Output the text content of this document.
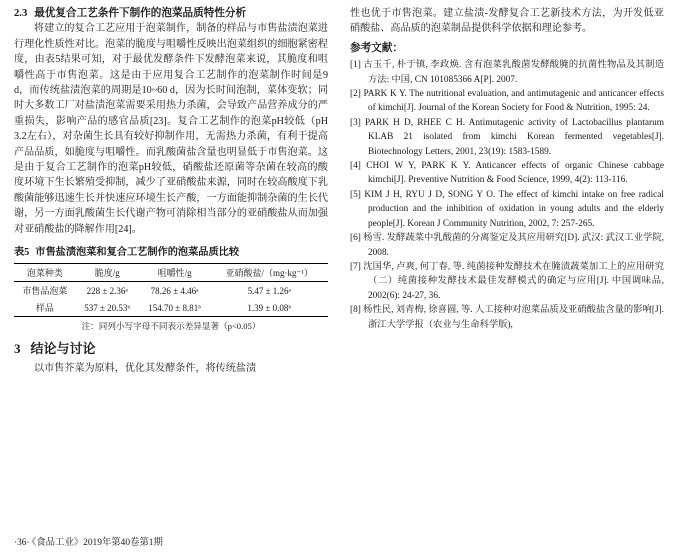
2.3 最优复合工艺条件下制作的泡菜品质特性分析

将建立的复合工艺应用于泡菜制作，制备的样品与市售盐渍泡菜进行理化性质性对比。泡菜的脆度与咀嚼性反映出泡菜组织的细胞紧密程度，由表5结果可知，对于最优发酵条件下发酵泡菜来说，其脆度和咀嚼性高于市售泡菜。这是由于应用复合工艺制作的泡菜制作时间是9 d，而传统盐渍泡菜的周期是10~60 d，因为长时间泡制，菜体变软；同时大多数工厂对盐渍泡菜需要采用热力杀菌，会导致产品营养成分的严重损失，影响产品的感官品质[23]。复合工艺制作的泡菜pH较低（pH 3.2左右），对杂菌生长具有较好抑制作用，无需热力杀菌，有利于提高产品品质，如脆度与咀嚼性。而乳酸菌盐含量也明显低于市售泡菜。这是由于复合工艺制作的泡菜pH较低，硝酸盐还原菌等杂菌在较高的酸度环境下生长繁殖受抑制，减少了亚硝酸盐来源，同时在较高酸度下乳酸菌能够迅速生长并快速应环境生长产酸，一方面能抑制杂菌的生长代谢，另一方面乳酸菌生长代谢产物可消除相当部分的亚硝酸盐从而加强对亚硝酸盐的降解作用[24]。

表5 市售盐渍泡菜和复合工艺制作的泡菜品质比较
泡菜种类	脆度/g	咀嚼性/g	亚硝酸盐/（mg·kg⁻¹）
市售品泡菜	228 ± 2.36ᵃ	78.26 ± 4.46ᵃ	5.47 ± 1.26ᵃ
样品	537 ± 20.53ᵇ	154.70 ± 8.81ᵇ	1.39 ± 0.08ᵇ

注：同列小写字母不同表示差异显著（p<0.05）

3 结论与讨论

以市售芥菜为原料，优化其发酵条件，将传统盐渍

性也优于市售泡菜。建立盐渍-发酵复合工艺新技术方法，为开发低亚硝酸盐、高品质的泡菜制品提供科学依据和理论参考。

参考文献：
[1] 古玉千, 朴于镇, 李政焕. 含有泡菜乳酸菌发酵酸腌的抗菌性物品及其制造方法: 中国, CN 101085366 A[P]. 2007.
[2] PARK K Y. The nutritional evaluation, and antimutagenic and anticancer effects of kimchi[J]. Journal of the Korean Society for Food & Nutrition, 1995: 24.
[3] PARK H D, RHEE C H. Antimutagenic activity of Lactobacillus plantarum KLAB 21 isolated from kimchi Korean fermented vegetables[J]. Biotechnology Letters, 2001, 23(19): 1583-1589.
[4] CHOI W Y, PARK K Y. Anticancer effects of organic Chinese cabbage kimchi[J]. Preventive Nutrition & Food Science, 1999, 4(2): 113-116.
[5] KIM J H, RYU J D, SONG Y O. The effect of kimchi intake on free radical production and the inhibition of oxidation in young adults and the elderly people[J]. Korean J Community Nutrition, 2002, 7: 257-265.
[6] 杨雪. 发酵蔬菜中乳酸菌的分离鉴定及其应用研究[D]. 武汉: 武汉工业学院, 2008.
[7] 沈国华, 卢爽, 何丁春, 等. 纯菌接种发酵技术在腌渍蔬菜加工上的应用研究（二）纯菌接种发酵技术最佳发酵模式的确定与应用[J]. 中国调味品, 2002(6): 24-27, 36.
[8] 杨性民, 刘青梅, 徐喜圆, 等. 人工接种对泡菜品质及亚硝酸盐含量的影响[J]. 浙江大学学报（农业与生命科学版),
·36· 《食品工业》2019年第40卷第1期
